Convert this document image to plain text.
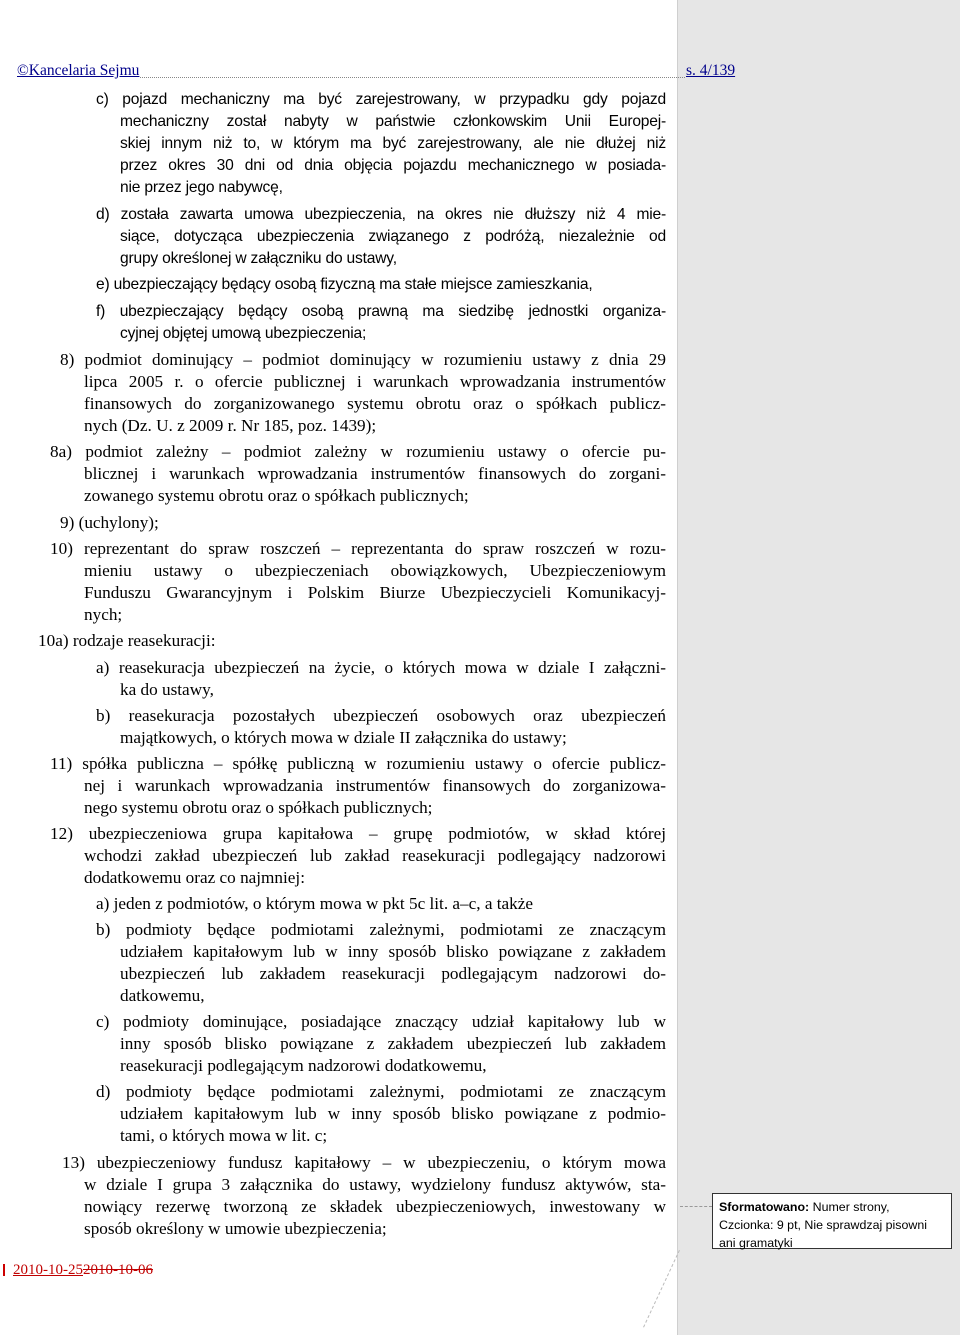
©Kancelaria Sejmu	s. 4/139
c) pojazd mechaniczny ma być zarejestrowany, w przypadku gdy pojazd
mechaniczny został nabyty w państwie członkowskim Unii Europej-
skiej innym niż to, w którym ma być zarejestrowany, ale nie dłużej niż
przez okres 30 dni od dnia objęcia pojazdu mechanicznego w posiada-
nie przez jego nabywcę,
d) została zawarta umowa ubezpieczenia, na okres nie dłuższy niż 4 mie-
siące, dotycząca ubezpieczenia związanego z podróżą, niezależnie od
grupy określonej w załączniku do ustawy,
e) ubezpieczający będący osobą fizyczną ma stałe miejsce zamieszkania,
f) ubezpieczający będący osobą prawną ma siedzibę jednostki organiza-
cyjnej objętej umową ubezpieczenia;
8) podmiot dominujący – podmiot dominujący w rozumieniu ustawy z dnia 29
lipca 2005 r. o ofercie publicznej i warunkach wprowadzania instrumentów
finansowych do zorganizowanego systemu obrotu oraz o spółkach publicz-
nych (Dz. U. z 2009 r. Nr 185, poz. 1439);
8a) podmiot zależny – podmiot zależny w rozumieniu ustawy o ofercie pu-
blicznej i warunkach wprowadzania instrumentów finansowych do zorgani-
zowanego systemu obrotu oraz o spółkach publicznych;
9) (uchylony);
10) reprezentant do spraw roszczeń – reprezentanta do spraw roszczeń w rozu-
mieniu ustawy o ubezpieczeniach obowiązkowych, Ubezpieczeniowym
Funduszu Gwarancyjnym i Polskim Biurze Ubezpieczycieli Komunikacyj-
nych;
10a) rodzaje reasekuracji:
a) reasekuracja ubezpieczeń na życie, o których mowa w dziale I załączni-
ka do ustawy,
b) reasekuracja pozostałych ubezpieczeń osobowych oraz ubezpieczeń
majątkowych, o których mowa w dziale II załącznika do ustawy;
11) spółka publiczna – spółkę publiczną w rozumieniu ustawy o ofercie publicz-
nej i warunkach wprowadzania instrumentów finansowych do zorganizowa-
nego systemu obrotu oraz o spółkach publicznych;
12) ubezpieczeniowa grupa kapitałowa – grupę podmiotów, w skład której
wchodzi zakład ubezpieczeń lub zakład reasekuracji podlegający nadzorowi
dodatkowemu oraz co najmniej:
a) jeden z podmiotów, o którym mowa w pkt 5c lit. a–c, a także
b) podmioty będące podmiotami zależnymi, podmiotami ze znaczącym
udziałem kapitałowym lub w inny sposób blisko powiązane z zakładem
ubezpieczeń lub zakładem reasekuracji podlegającym nadzorowi do-
datkowemu,
c) podmioty dominujące, posiadające znaczący udział kapitałowy lub w
inny sposób blisko powiązane z zakładem ubezpieczeń lub zakładem
reasekuracji podlegającym nadzorowi dodatkowemu,
d) podmioty będące podmiotami zależnymi, podmiotami ze znaczącym
udziałem kapitałowym lub w inny sposób blisko powiązane z podmio-
tami, o których mowa w lit. c;
13) ubezpieczeniowy fundusz kapitałowy – w ubezpieczeniu, o którym mowa
w dziale I grupa 3 załącznika do ustawy, wydzielony fundusz aktywów, sta-
nowiący rezerwę tworzoną ze składek ubezpieczeniowych, inwestowany w
sposób określony w umowie ubezpieczenia;
Sformatowano: Numer strony,
Czcionka: 9 pt, Nie sprawdzaj pisowni
ani gramatyki
2010-10-252010-10-06
